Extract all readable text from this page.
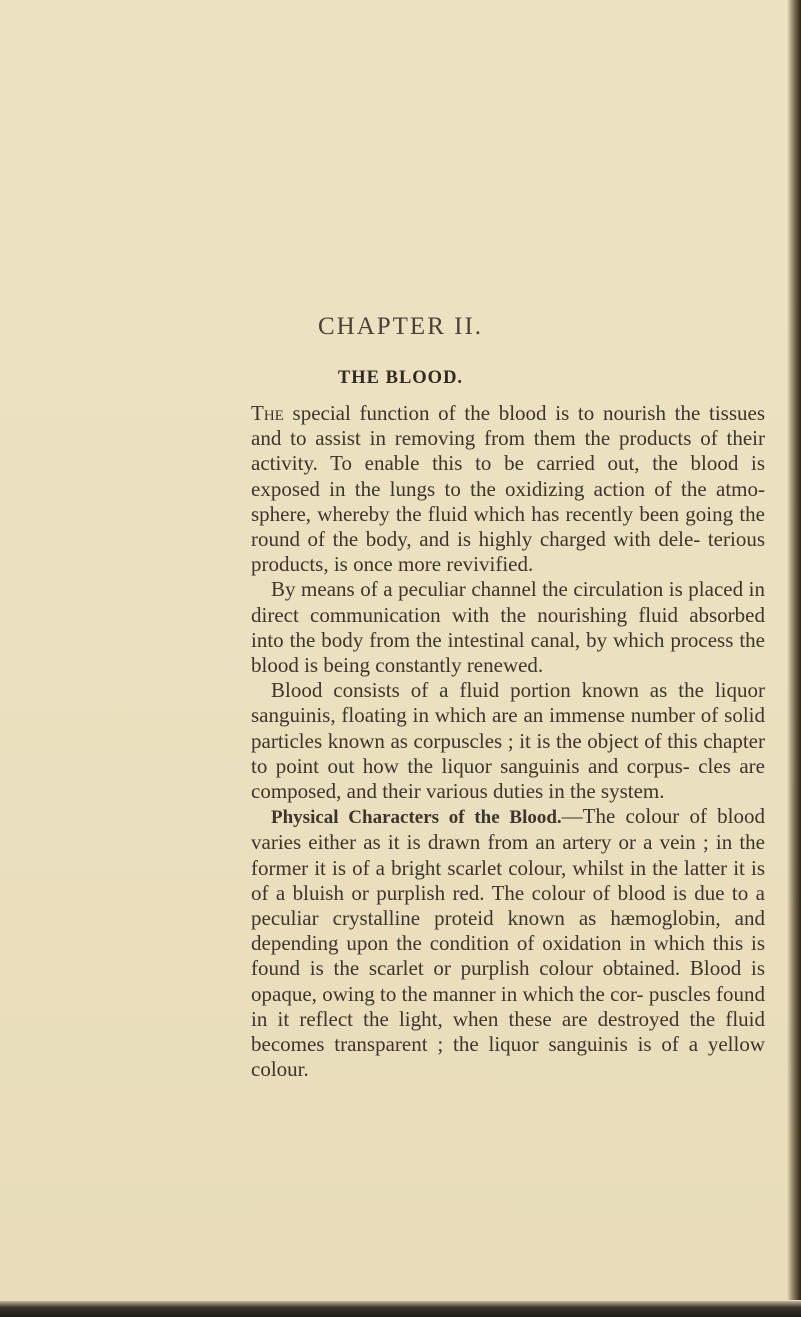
CHAPTER II.
THE BLOOD.

The special function of the blood is to nourish the tissues and to assist in removing from them the products of their activity. To enable this to be carried out, the blood is exposed in the lungs to the oxidizing action of the atmo- sphere, whereby the fluid which has recently been going the round of the body, and is highly charged with dele- terious products, is once more revivified.

By means of a peculiar channel the circulation is placed in direct communication with the nourishing fluid absorbed into the body from the intestinal canal, by which process the blood is being constantly renewed.

Blood consists of a fluid portion known as the liquor sanguinis, floating in which are an immense number of solid particles known as corpuscles ; it is the object of this chapter to point out how the liquor sanguinis and corpus- cles are composed, and their various duties in the system.

Physical Characters of the Blood.—The colour of blood varies either as it is drawn from an artery or a vein ; in the former it is of a bright scarlet colour, whilst in the latter it is of a bluish or purplish red. The colour of blood is due to a peculiar crystalline proteid known as hæmoglobin, and depending upon the condition of oxidation in which this is found is the scarlet or purplish colour obtained. Blood is opaque, owing to the manner in which the cor- puscles found in it reflect the light, when these are destroyed the fluid becomes transparent ; the liquor sanguinis is of a yellow colour.
